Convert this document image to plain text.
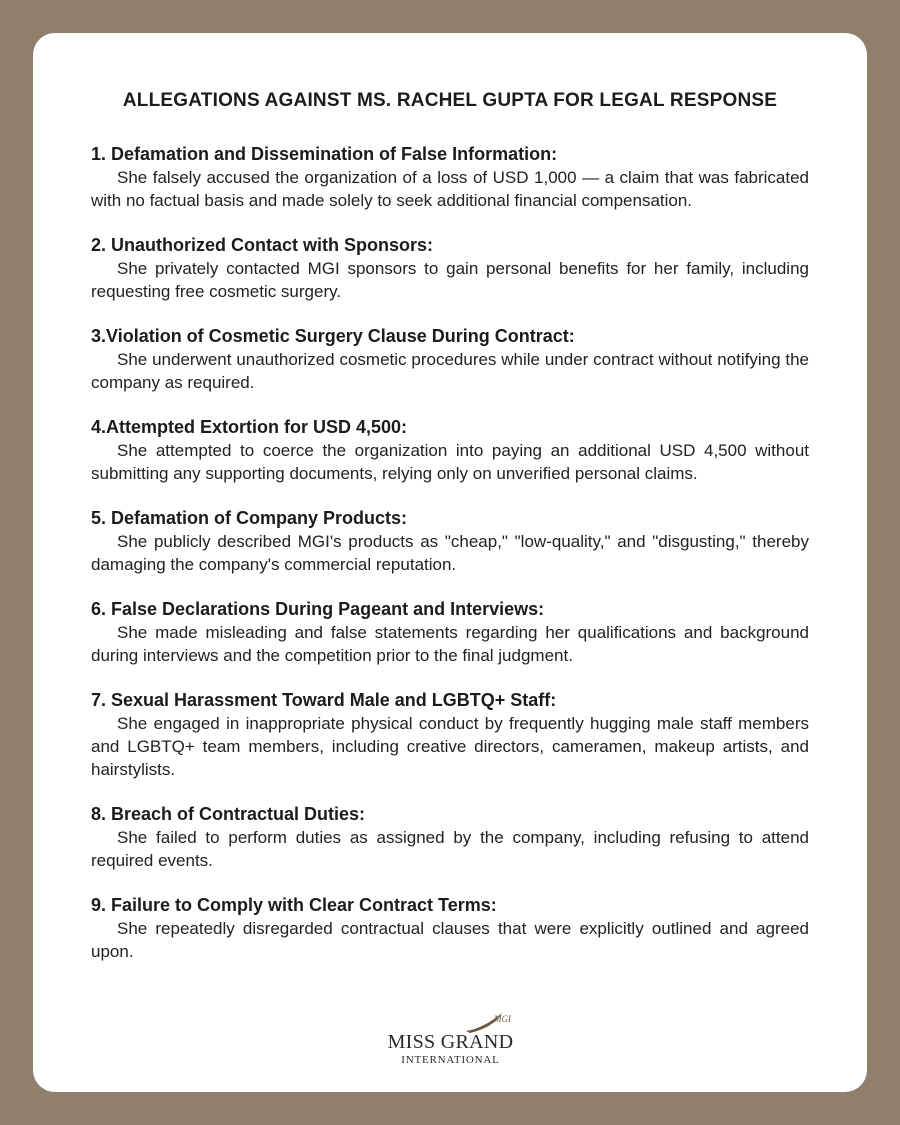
ALLEGATIONS AGAINST MS. RACHEL GUPTA FOR LEGAL RESPONSE
1. Defamation and Dissemination of False Information:
She falsely accused the organization of a loss of USD 1,000 — a claim that was fabricated with no factual basis and made solely to seek additional financial compensation.
2. Unauthorized Contact with Sponsors:
She privately contacted MGI sponsors to gain personal benefits for her family, including requesting free cosmetic surgery.
3.Violation of Cosmetic Surgery Clause During Contract:
She underwent unauthorized cosmetic procedures while under contract without notifying the company as required.
4.Attempted Extortion for USD 4,500:
She attempted to coerce the organization into paying an additional USD 4,500 without submitting any supporting documents, relying only on unverified personal claims.
5. Defamation of Company Products:
She publicly described MGI's products as "cheap," "low-quality," and "disgusting," thereby damaging the company's commercial reputation.
6. False Declarations During Pageant and Interviews:
She made misleading and false statements regarding her qualifications and background during interviews and the competition prior to the final judgment.
7. Sexual Harassment Toward Male and LGBTQ+ Staff:
She engaged in inappropriate physical conduct by frequently hugging male staff members and LGBTQ+ team members, including creative directors, cameramen, makeup artists, and hairstylists.
8. Breach of Contractual Duties:
She failed to perform duties as assigned by the company, including refusing to attend required events.
9. Failure to Comply with Clear Contract Terms:
She repeatedly disregarded contractual clauses that were explicitly outlined and agreed upon.
MGI
MISS GRAND
INTERNATIONAL
